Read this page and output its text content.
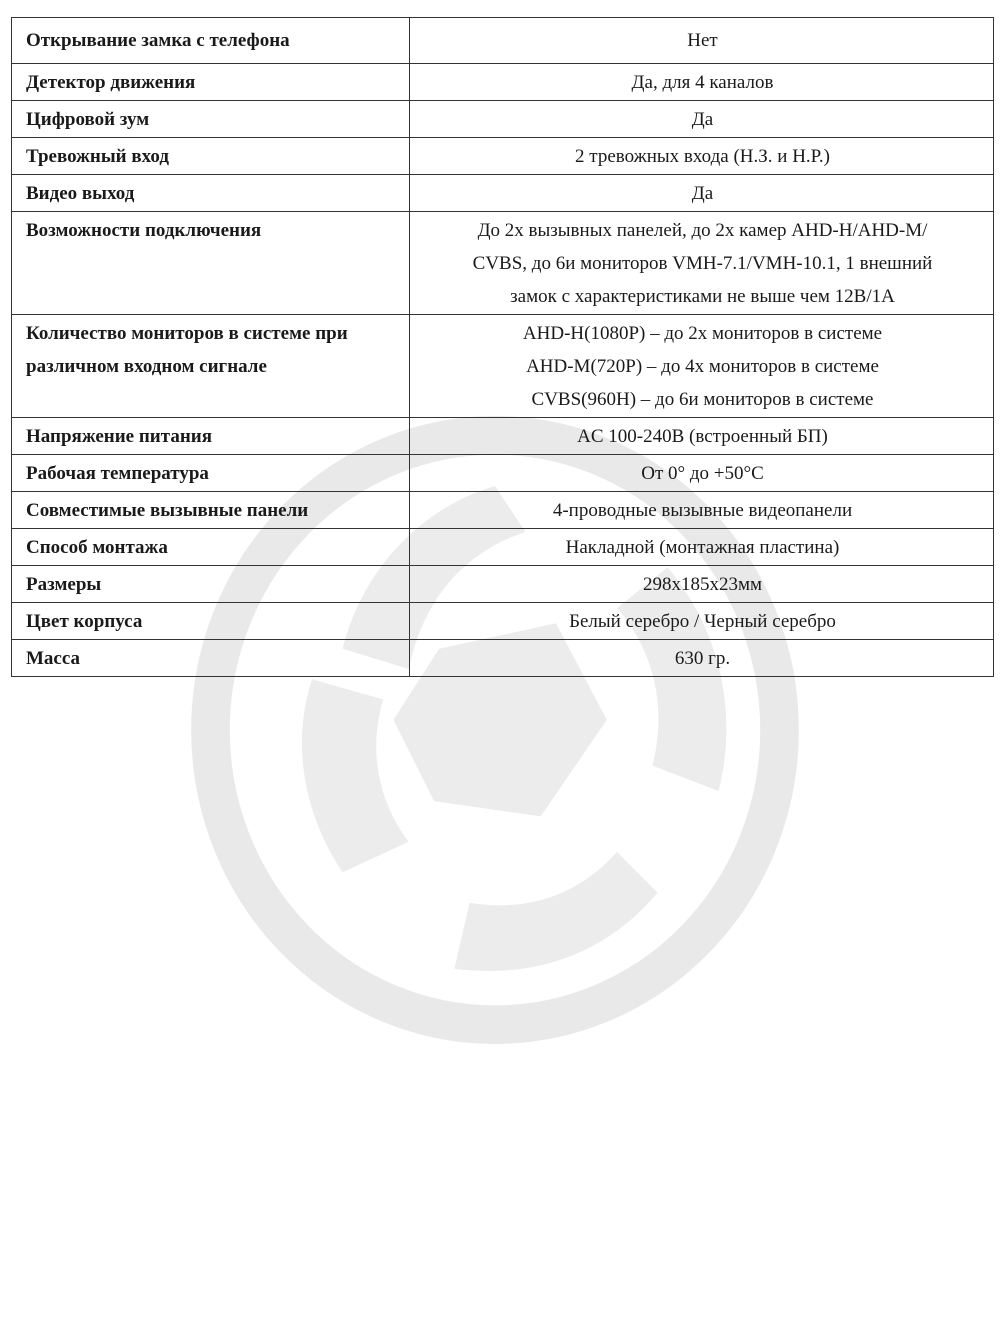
Открывание замка с телефона	Нет

Детектор движения	Да, для 4 каналов

Цифровой зум	Да

Тревожный вход	2 тревожных входа (Н.З. и Н.Р.)

Видео выход	Да

Возможности подключения	До 2х вызывных панелей, до 2х камер AHD-H/AHD-M/
CVBS, до 6и мониторов VMH-7.1/VMH-10.1, 1 внешний
замок с характеристиками не выше чем 12В/1А

Количество мониторов в системе при
различном входном сигнале	AHD-H(1080P) – до 2х мониторов в системе
AHD-M(720P) – до 4х мониторов в системе
CVBS(960H) – до 6и мониторов в системе

Напряжение питания	AC 100-240B (встроенный БП)

Рабочая температура	От 0° до +50°C

Совместимые вызывные панели	4-проводные вызывные видеопанели

Способ монтажа	Накладной (монтажная пластина)

Размеры	298x185x23мм

Цвет корпуса	Белый серебро / Черный серебро

Масса	630 гр.
